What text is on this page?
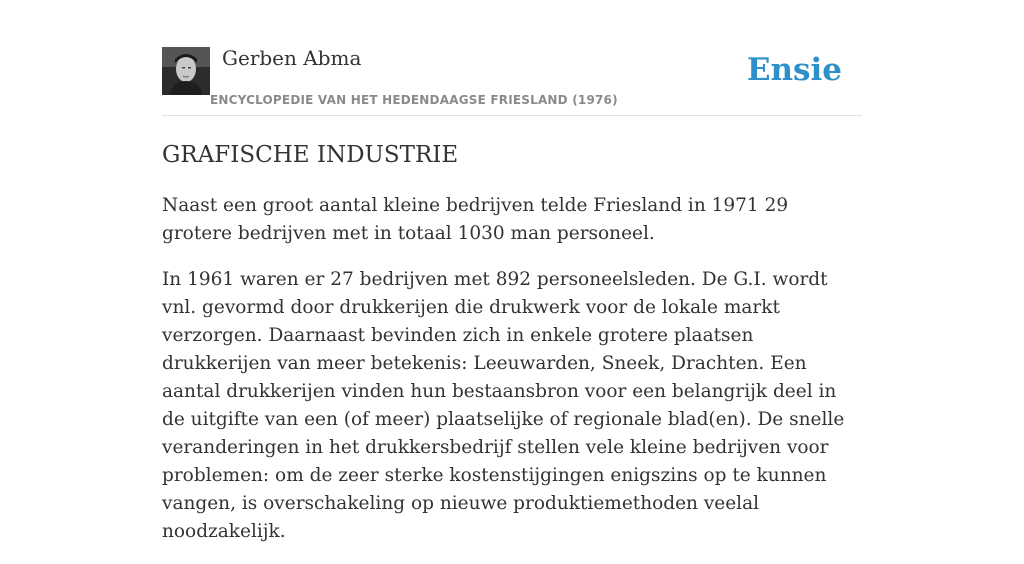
Gerben Abma
ENCYCLOPEDIE VAN HET HEDENDAAGSE FRIESLAND (1976)
Ensie
GRAFISCHE INDUSTRIE

Naast een groot aantal kleine bedrijven telde Friesland in 1971 29 grotere bedrijven met in totaal 1030 man personeel.

In 1961 waren er 27 bedrijven met 892 personeelsleden. De G.I. wordt vnl. gevormd door drukkerijen die drukwerk voor de lokale markt verzorgen. Daarnaast bevinden zich in enkele grotere plaatsen drukkerijen van meer betekenis: Leeuwarden, Sneek, Drachten. Een aantal drukkerijen vinden hun bestaansbron voor een belangrijk deel in de uitgifte van een (of meer) plaatselijke of regionale blad(en). De snelle veranderingen in het drukkersbedrijf stellen vele kleine bedrijven voor problemen: om de zeer sterke kostenstijgingen enigszins op te kunnen vangen, is overschakeling op nieuwe produktiemethoden veelal noodzakelijk.
